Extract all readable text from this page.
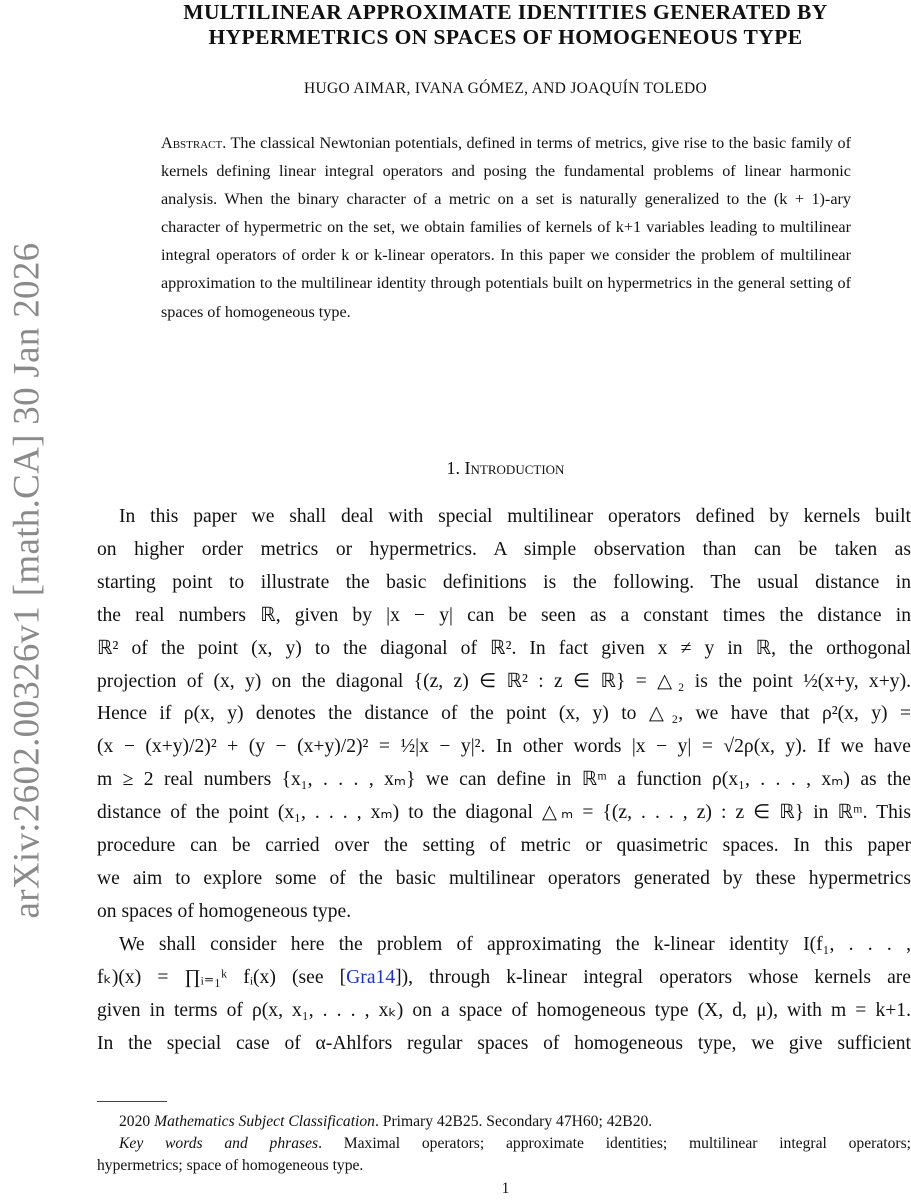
arXiv:2602.00326v1 [math.CA] 30 Jan 2026
MULTILINEAR APPROXIMATE IDENTITIES GENERATED BY
HYPERMETRICS ON SPACES OF HOMOGENEOUS TYPE
HUGO AIMAR, IVANA GÓMEZ, AND JOAQUÍN TOLEDO
Abstract. The classical Newtonian potentials, defined in terms of metrics, give rise to the basic family of kernels defining linear integral operators and posing the fundamental problems of linear harmonic analysis. When the binary character of a metric on a set is naturally generalized to the (k + 1)-ary character of hypermetric on the set, we obtain families of kernels of k+1 variables leading to multilinear integral operators of order k or k-linear operators. In this paper we consider the problem of multilinear approximation to the multilinear identity through potentials built on hypermetrics in the general setting of spaces of homogeneous type.
1. Introduction
In this paper we shall deal with special multilinear operators defined by kernels built
on higher order metrics or hypermetrics. A simple observation than can be taken as
starting point to illustrate the basic definitions is the following. The usual distance in
the real numbers ℝ, given by |x − y| can be seen as a constant times the distance in
ℝ² of the point (x, y) to the diagonal of ℝ². In fact given x ≠ y in ℝ, the orthogonal
projection of (x, y) on the diagonal {(z, z) ∈ ℝ² : z ∈ ℝ} = △₂ is the point ½(x+y, x+y).
Hence if ρ(x, y) denotes the distance of the point (x, y) to △₂, we have that ρ²(x, y) =
(x − (x+y)/2)² + (y − (x+y)/2)² = ½|x − y|². In other words |x − y| = √2ρ(x, y). If we have
m ≥ 2 real numbers {x₁, . . . , xₘ} we can define in ℝᵐ a function ρ(x₁, . . . , xₘ) as the
distance of the point (x₁, . . . , xₘ) to the diagonal △ₘ = {(z, . . . , z) : z ∈ ℝ} in ℝᵐ. This
procedure can be carried over the setting of metric or quasimetric spaces. In this paper
we aim to explore some of the basic multilinear operators generated by these hypermetrics
on spaces of homogeneous type.
We shall consider here the problem of approximating the k-linear identity I(f₁, . . . ,
fₖ)(x) = ∏ᵢ₌₁ᵏ fᵢ(x) (see [Gra14]), through k-linear integral operators whose kernels are
given in terms of ρ(x, x₁, . . . , xₖ) on a space of homogeneous type (X, d, μ), with m = k+1.
In the special case of α-Ahlfors regular spaces of homogeneous type, we give sufficient
2020 Mathematics Subject Classification. Primary 42B25. Secondary 47H60; 42B20.
Key words and phrases. Maximal operators; approximate identities; multilinear integral operators;
hypermetrics; space of homogeneous type.
1
